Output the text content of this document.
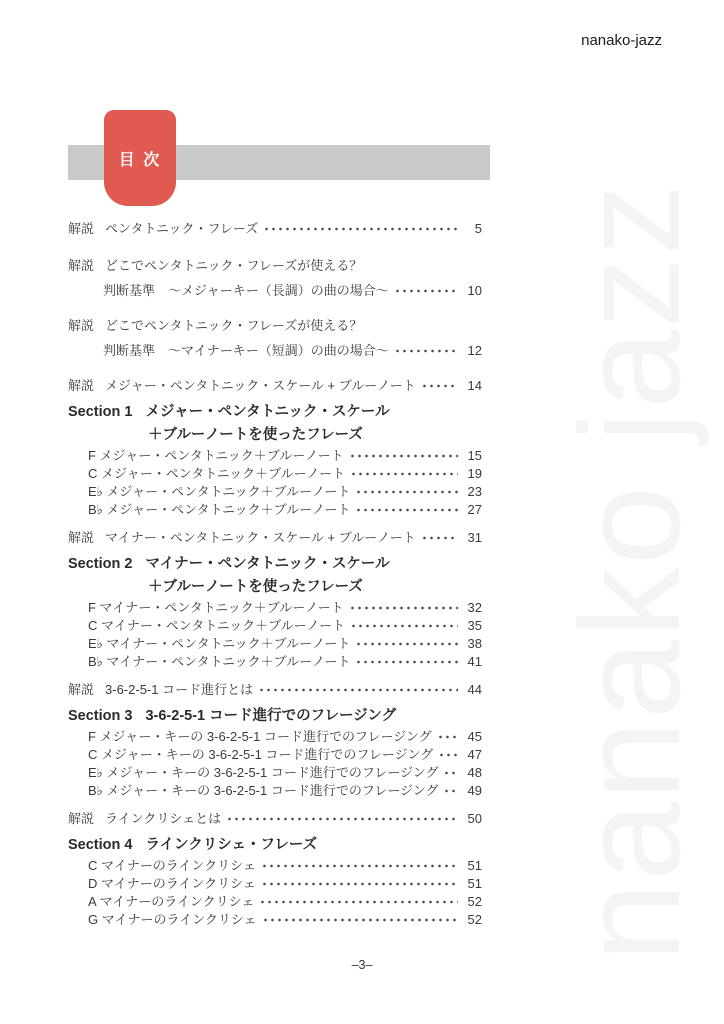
nanako jazz
nanako-jazz
目 次
解説 ペンタトニック・フレーズ	5
解説 どこでペンタトニック・フレーズが使える？
判断基準　〜メジャーキー（長調）の曲の場合〜	10
解説 どこでペンタトニック・フレーズが使える？
判断基準　〜マイナーキー（短調）の曲の場合〜	12
解説 メジャー・ペンタトニック・スケール + ブルーノート	14
Section 1 メジャー・ペンタトニック・スケール
＋ブルーノートを使ったフレーズ
F メジャー・ペンタトニック＋ブルーノート	15
C メジャー・ペンタトニック＋ブルーノート	19
E♭ メジャー・ペンタトニック＋ブルーノート	23
B♭ メジャー・ペンタトニック＋ブルーノート	27
解説 マイナー・ペンタトニック・スケール + ブルーノート	31
Section 2 マイナー・ペンタトニック・スケール
＋ブルーノートを使ったフレーズ
F マイナー・ペンタトニック＋ブルーノート	32
C マイナー・ペンタトニック＋ブルーノート	35
E♭ マイナー・ペンタトニック＋ブルーノート	38
B♭ マイナー・ペンタトニック＋ブルーノート	41
解説 3-6-2-5-1 コード進行とは	44
Section 3 3-6-2-5-1 コード進行でのフレージング
F メジャー・キーの 3-6-2-5-1 コード進行でのフレージング	45
C メジャー・キーの 3-6-2-5-1 コード進行でのフレージング	47
E♭ メジャー・キーの 3-6-2-5-1 コード進行でのフレージング 48
B♭ メジャー・キーの 3-6-2-5-1 コード進行でのフレージング 49
解説 ラインクリシェとは	50
Section 4 ラインクリシェ・フレーズ
C マイナーのラインクリシェ	51
D マイナーのラインクリシェ	51
A マイナーのラインクリシェ	52
G マイナーのラインクリシェ	52
–3–
